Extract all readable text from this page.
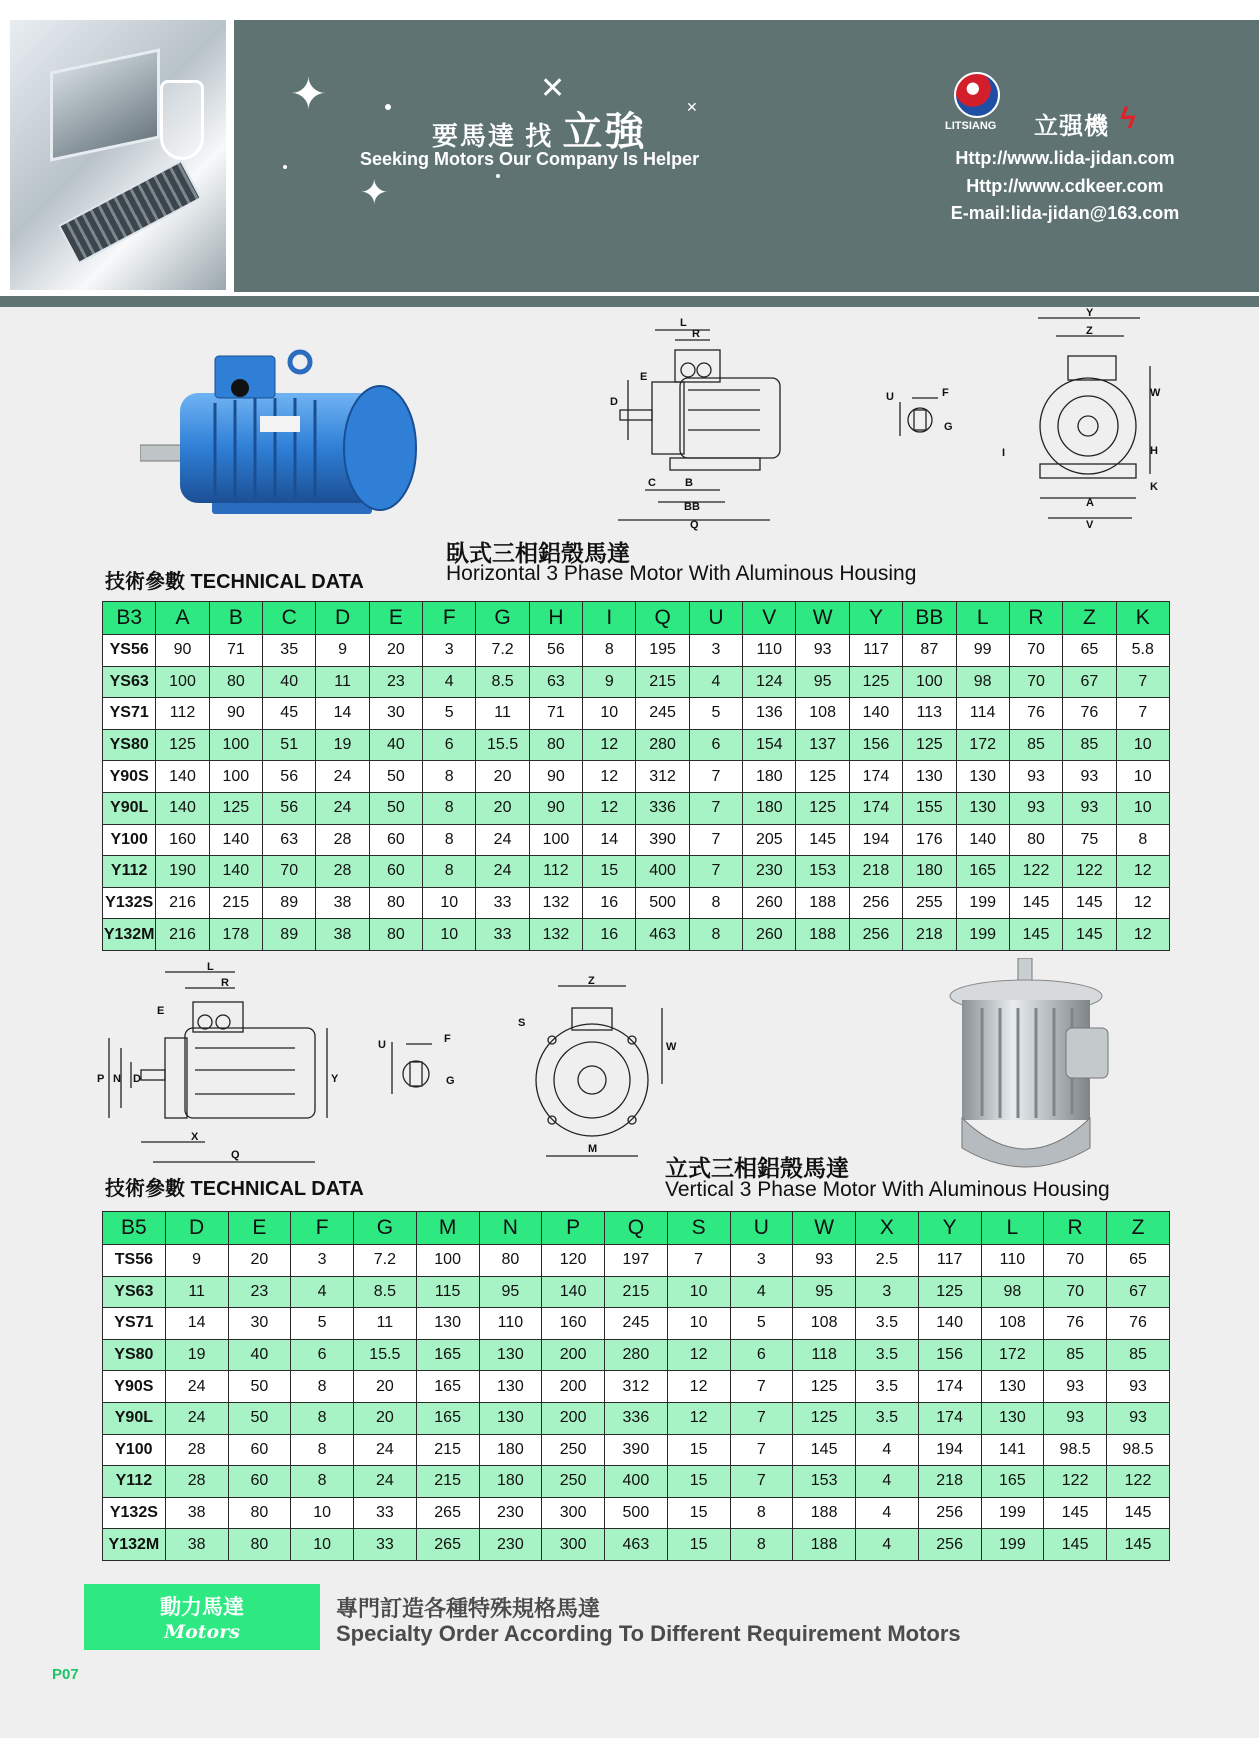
✦	✕
✦
✕
要馬達 找 立強
Seeking Motors Our Company Is Helper
LITSIANG 立强機 ϟ
Http://www.lida-jidan.com
Http://www.cdkeer.com
E-mail:lida-jidan@163.com
L
R
E
D
C	B
BB
Q
U	F
G
Y
Z
W
H
I
A
V
K
臥式三相鋁殼馬達
技術參數 TECHNICAL DATA	Horizontal 3 Phase Motor With Aluminous Housing
B3	A	B	C	D	E	F	G	H	I	Q	U	V	W	Y	BB	L	R	Z	K
YS56	90	71	35	9	20	3	7.2	56	8	195	3	110	93	117	87	99	70	65	5.8
YS63	100	80	40	11	23	4	8.5	63	9	215	4	124	95	125	100	98	70	67	7
YS71	112	90	45	14	30	5	11	71	10	245	5	136	108	140	113	114	76	76	7
YS80	125	100	51	19	40	6	15.5	80	12	280	6	154	137	156	125	172	85	85	10
Y90S	140	100	56	24	50	8	20	90	12	312	7	180	125	174	130	130	93	93	10
Y90L	140	125	56	24	50	8	20	90	12	336	7	180	125	174	155	130	93	93	10
Y100	160	140	63	28	60	8	24	100	14	390	7	205	145	194	176	140	80	75	8
Y112	190	140	70	28	60	8	24	112	15	400	7	230	153	218	180	165	122	122	12
Y132S	216	215	89	38	80	10	33	132	16	500	8	260	188	256	255	199	145	145	12
Y132M	216	178	89	38	80	10	33	132	16	463	8	260	188	256	218	199	145	145	12
L
R
E
P N D	Y
X
Q
U	F
G
Z
S
W
M
技術參數 TECHNICAL DATA
立式三相鋁殼馬達
Vertical 3 Phase Motor With Aluminous Housing
B5	D	E	F	G	M	N	P	Q	S	U	W	X	Y	L	R	Z
TS56	9	20	3	7.2	100	80	120	197	7	3	93	2.5	117	110	70	65
YS63	11	23	4	8.5	115	95	140	215	10	4	95	3	125	98	70	67
YS71	14	30	5	11	130	110	160	245	10	5	108	3.5	140	108	76	76
YS80	19	40	6	15.5	165	130	200	280	12	6	118	3.5	156	172	85	85
Y90S	24	50	8	20	165	130	200	312	12	7	125	3.5	174	130	93	93
Y90L	24	50	8	20	165	130	200	336	12	7	125	3.5	174	130	93	93
Y100	28	60	8	24	215	180	250	390	15	7	145	4	194	141	98.5	98.5
Y112	28	60	8	24	215	180	250	400	15	7	153	4	218	165	122	122
Y132S	38	80	10	33	265	230	300	500	15	8	188	4	256	199	145	145
Y132M	38	80	10	33	265	230	300	463	15	8	188	4	256	199	145	145
動力馬達
Motors
專門訂造各種特殊規格馬達
Specialty Order According To Different Requirement Motors
P07
